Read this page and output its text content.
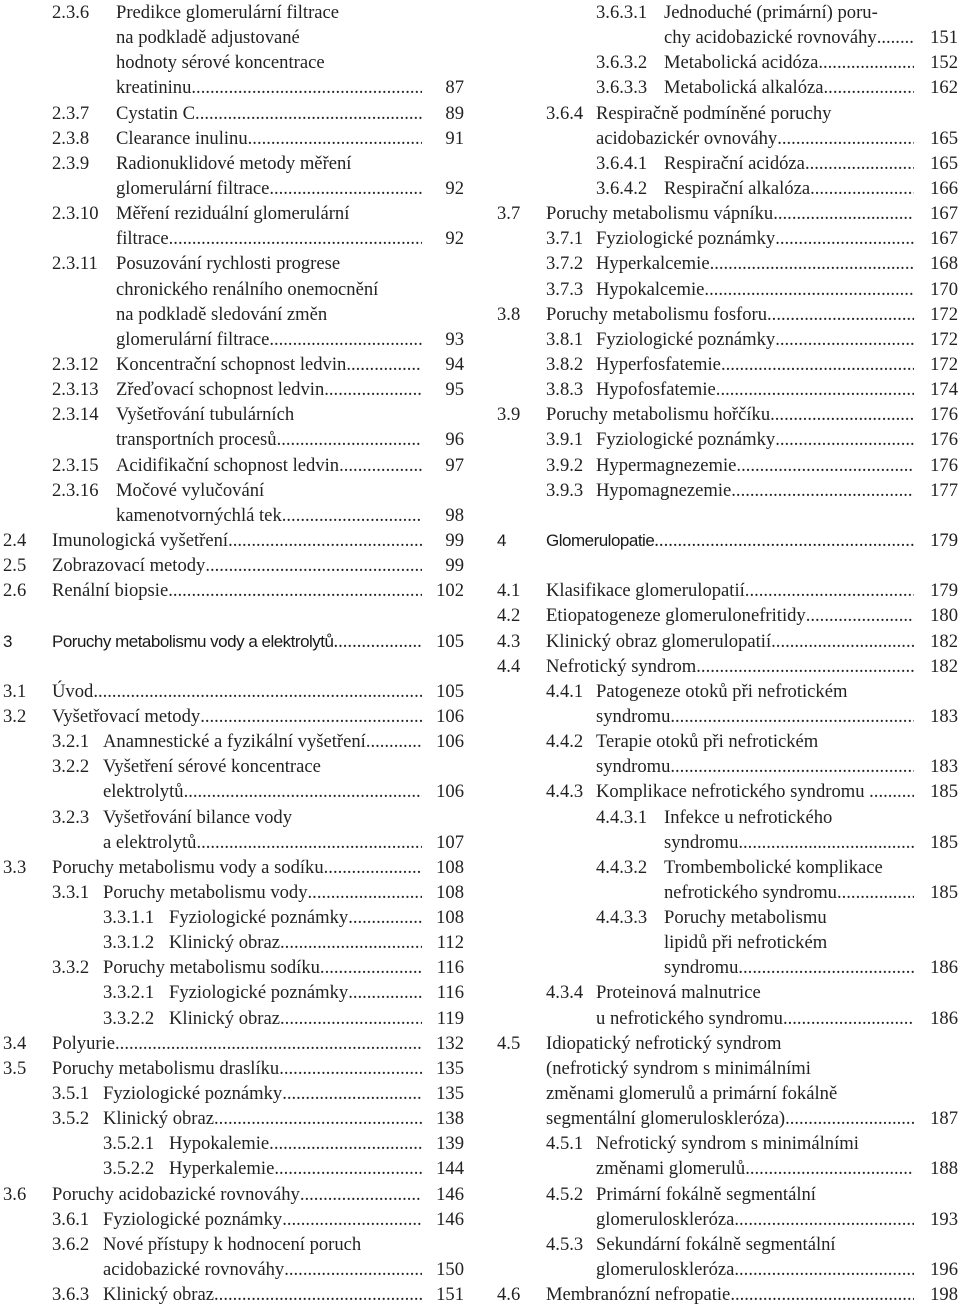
2.3.6 Predikce glomerulární filtrace
na podkladě adjustované
hodnoty sérové koncentrace
kreatininu .....	87
2.3.7 Cystatin C .....	89
2.3.8 Clearance inulinu .....	91
2.3.9 Radionuklidové metody měření
glomerulární filtrace .....	92
2.3.10 Měření reziduální glomerulární
filtrace .....	92
2.3.11 Posuzování rychlosti progrese
chronického renálního onemocnění
na podkladě sledování změn
glomerulární filtrace .....	93
2.3.12 Koncentrační schopnost ledvin .....	94
2.3.13 Zřeďovací schopnost ledvin .....	95
2.3.14 Vyšetřování tubulárních
transportních procesů .....	96
2.3.15 Acidifikační schopnost ledvin .....	97
2.3.16 Močové vylučování
kamenotvornýchlá tek .....	98
2.4 Imunologická vyšetření .....	99
2.5 Zobrazovací metody .....	99
2.6 Renální biopsie .....	102
3 Poruchy metabolismu vody a elektrolytů .....	105
3.1 Úvod .....	105
3.2 Vyšetřovací metody .....	106
3.2.1 Anamnestické a fyzikální vyšetření .....	106
3.2.2 Vyšetření sérové koncentrace
elektrolytů .....	106
3.2.3 Vyšetřování bilance vody
a elektrolytů .....	107
3.3 Poruchy metabolismu vody a sodíku .....	108
3.3.1 Poruchy metabolismu vody .....	108
3.3.1.1 Fyziologické poznámky .....	108
3.3.1.2 Klinický obraz .....	112
3.3.2 Poruchy metabolismu sodíku .....	116
3.3.2.1 Fyziologické poznámky .....	116
3.3.2.2 Klinický obraz .....	119
3.4 Polyurie .....	132
3.5 Poruchy metabolismu draslíku .....	135
3.5.1 Fyziologické poznámky .....	135
3.5.2 Klinický obraz .....	138
3.5.2.1 Hypokalemie .....	139
3.5.2.2 Hyperkalemie .....	144
3.6 Poruchy acidobazické rovnováhy .....	146
3.6.1 Fyziologické poznámky .....	146
3.6.2 Nové přístupy k hodnocení poruch
acidobazické rovnováhy .....	150
3.6.3 Klinický obraz .....	151
3.6.3.1 Jednoduché (primární) poru-
chy acidobazické rovnováhy .....	151
3.6.3.2 Metabolická acidóza .....	152
3.6.3.3 Metabolická alkalóza .....	162
3.6.4 Respiračně podmíněné poruchy
acidobazickér ovnováhy .....	165
3.6.4.1 Respirační acidóza .....	165
3.6.4.2 Respirační alkalóza .....	166
3.7 Poruchy metabolismu vápníku .....	167
3.7.1 Fyziologické poznámky .....	167
3.7.2 Hyperkalcemie .....	168
3.7.3 Hypokalcemie .....	170
3.8 Poruchy metabolismu fosforu .....	172
3.8.1 Fyziologické poznámky .....	172
3.8.2 Hyperfosfatemie .....	172
3.8.3 Hypofosfatemie .....	174
3.9 Poruchy metabolismu hořčíku .....	176
3.9.1 Fyziologické poznámky .....	176
3.9.2 Hypermagnezemie .....	176
3.9.3 Hypomagnezemie .....	177
4 Glomerulopatie .....	179
4.1 Klasifikace glomerulopatií .....	179
4.2 Etiopatogeneze glomerulonefritidy .....	180
4.3 Klinický obraz glomerulopatií .....	182
4.4 Nefrotický syndrom .....	182
4.4.1 Patogeneze otoků při nefrotickém
syndromu .....	183
4.4.2 Terapie otoků při nefrotickém
syndromu .....	183
4.4.3 Komplikace nefrotického syndromu .. .....	185
4.4.3.1 Infekce u nefrotického
syndromu .....	185
4.4.3.2 Trombembolické komplikace
nefrotického syndromu .....	185
4.4.3.3 Poruchy metabolismu
lipidů při nefrotickém
syndromu .....	186
4.3.4 Proteinová malnutrice
u nefrotického syndromu .....	186
4.5 Idiopatický nefrotický syndrom
(nefrotický syndrom s minimálními
změnami glomerulů a primární fokálně
segmentální glomeruloskleróza) .....	187
4.5.1 Nefrotický syndrom s minimálními
změnami glomerulů .....	188
4.5.2 Primární fokálně segmentální
glomeruloskleróza .....	193
4.5.3 Sekundární fokálně segmentální
glomeruloskleróza .....	196
4.6 Membranózní nefropatie .....	198
